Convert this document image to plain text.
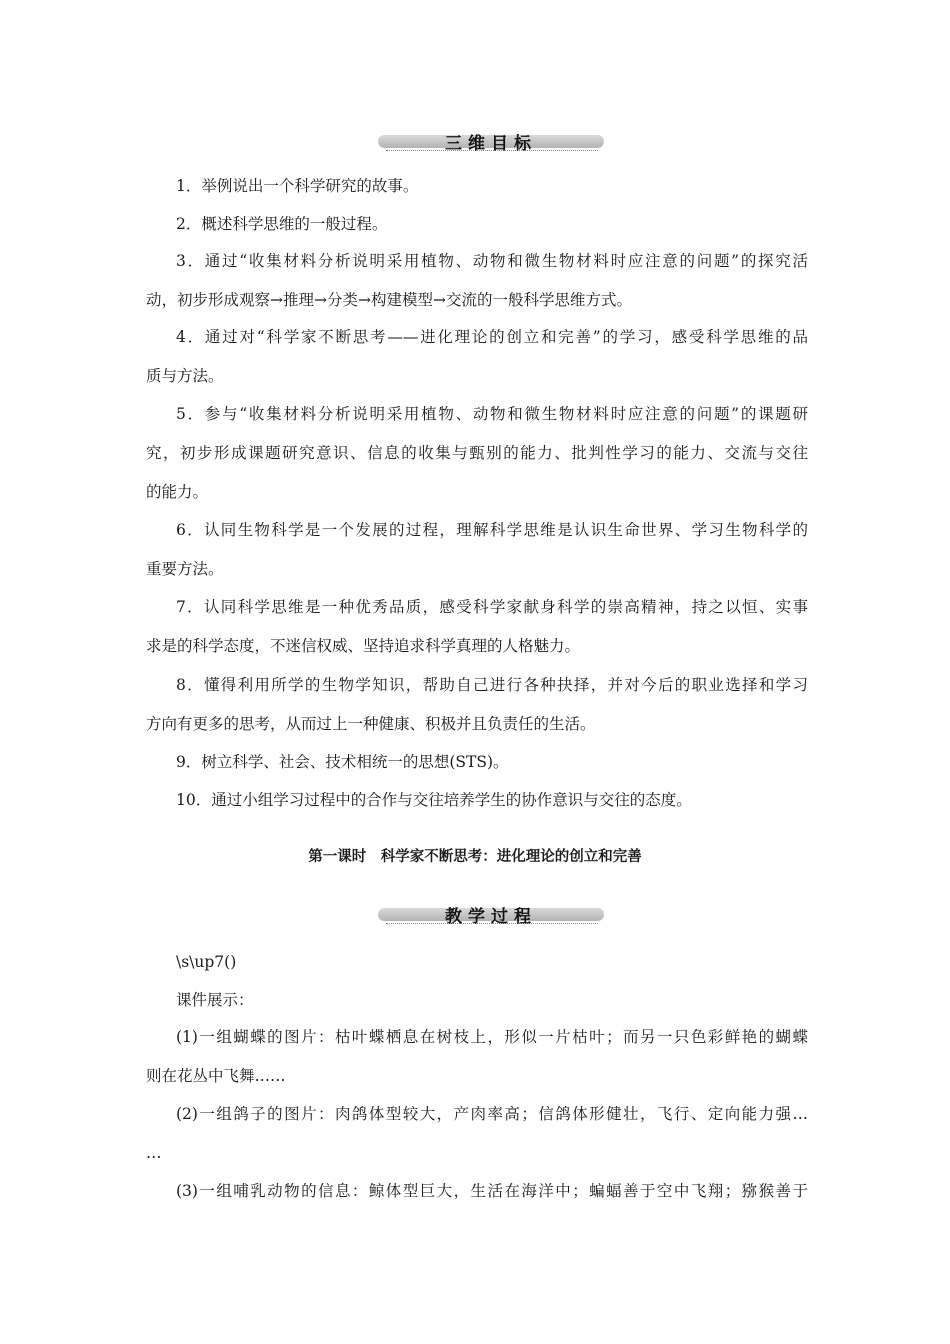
三维目标
1．举例说出一个科学研究的故事。
2．概述科学思维的一般过程。
3．通过“收集材料分析说明采用植物、动物和微生物材料时应注意的问题”的探究活
动，初步形成观察→推理→分类→构建模型→交流的一般科学思维方式。
4．通过对“科学家不断思考——进化理论的创立和完善”的学习，感受科学思维的品
质与方法。
5．参与“收集材料分析说明采用植物、动物和微生物材料时应注意的问题”的课题研
究，初步形成课题研究意识、信息的收集与甄别的能力、批判性学习的能力、交流与交往
的能力。
6．认同生物科学是一个发展的过程，理解科学思维是认识生命世界、学习生物科学的
重要方法。
7．认同科学思维是一种优秀品质，感受科学家献身科学的崇高精神，持之以恒、实事
求是的科学态度，不迷信权威、坚持追求科学真理的人格魅力。
8．懂得利用所学的生物学知识，帮助自己进行各种抉择，并对今后的职业选择和学习
方向有更多的思考，从而过上一种健康、积极并且负责任的生活。
9．树立科学、社会、技术相统一的思想(STS)。
10．通过小组学习过程中的合作与交往培养学生的协作意识与交往的态度。
第一课时　科学家不断思考：进化理论的创立和完善
教学过程
\s\up7()
课件展示：
(1)一组蝴蝶的图片：枯叶蝶栖息在树枝上，形似一片枯叶；而另一只色彩鲜艳的蝴蝶
则在花丛中飞舞……
(2)一组鸽子的图片：肉鸽体型较大，产肉率高；信鸽体形健壮，飞行、定向能力强…
…
(3)一组哺乳动物的信息：鲸体型巨大，生活在海洋中；蝙蝠善于空中飞翔；猕猴善于
